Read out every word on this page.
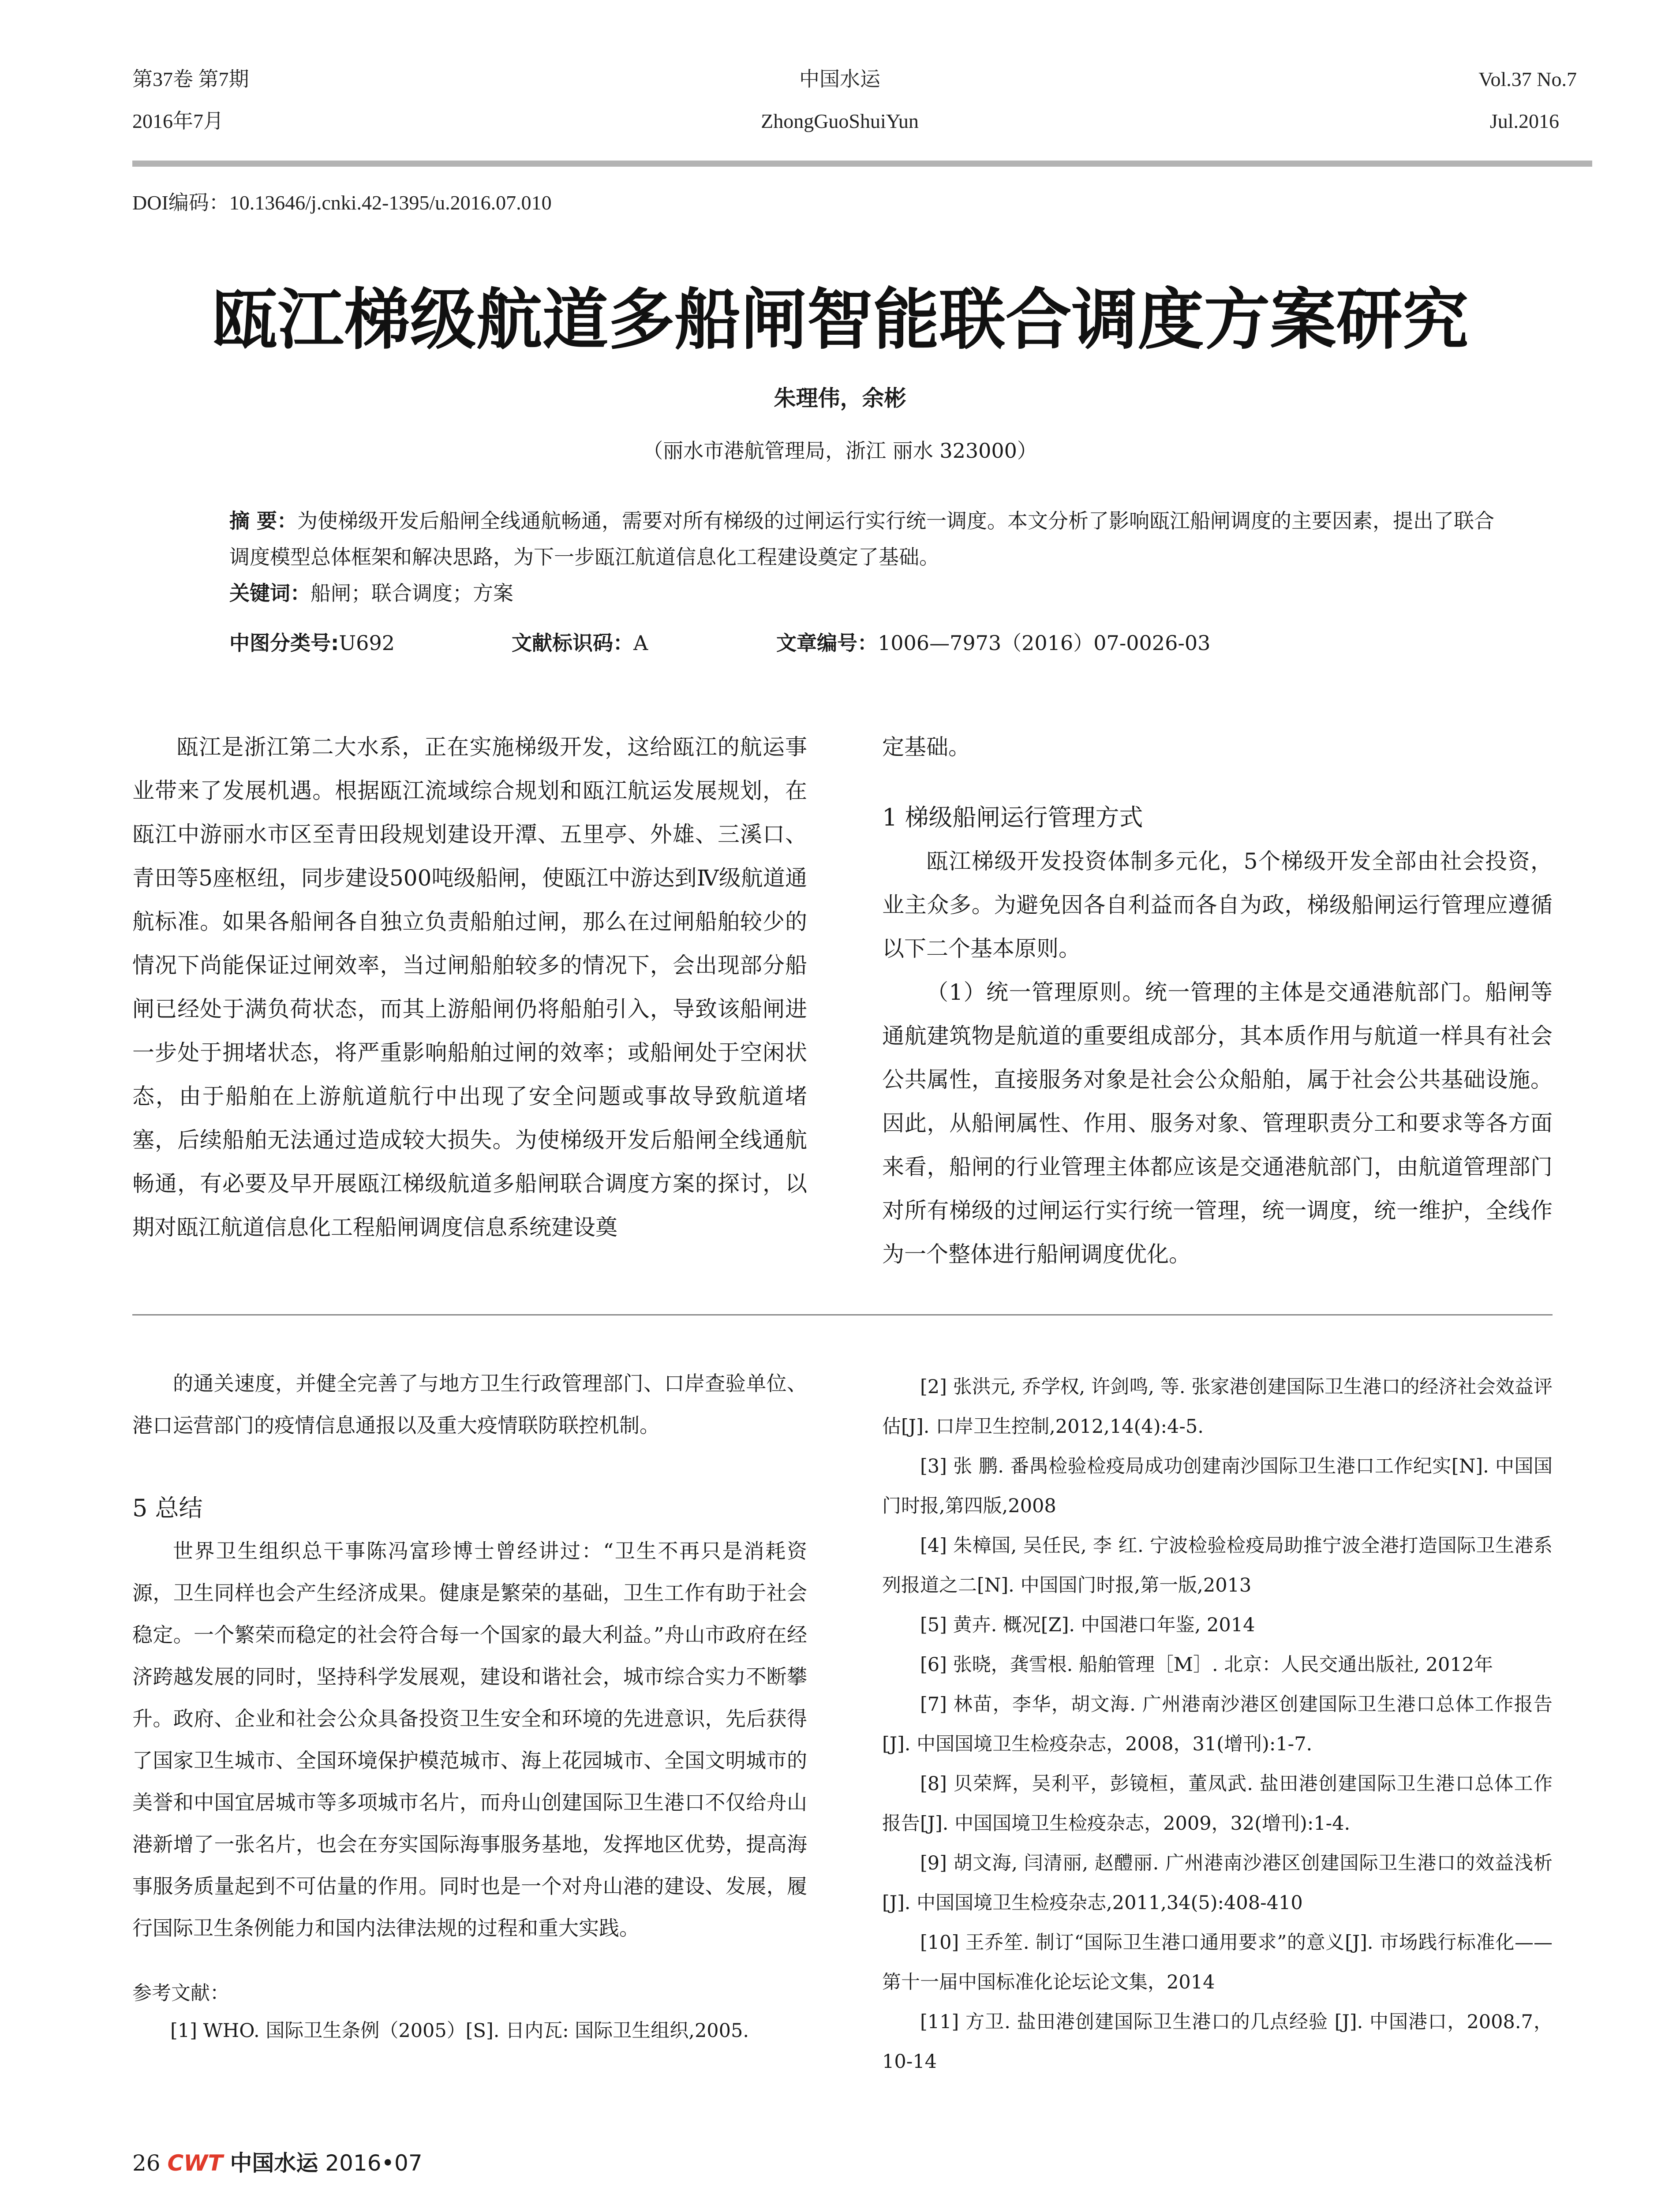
第37卷 第7期
2016年7月
中国水运
ZhongGuoShuiYun
Vol.37 No.7
Jul.2016
DOI编码：10.13646/j.cnki.42-1395/u.2016.07.010
瓯江梯级航道多船闸智能联合调度方案研究
朱理伟，余彬
（丽水市港航管理局，浙江 丽水 323000）
摘 要：为使梯级开发后船闸全线通航畅通，需要对所有梯级的过闸运行实行统一调度。本文分析了影响瓯江船闸调度的主要因素，提出了联合调度模型总体框架和解决思路，为下一步瓯江航道信息化工程建设奠定了基础。
关键词：船闸；联合调度；方案
中图分类号:U692	文献标识码：A	文章编号：1006—7973（2016）07-0026-03

瓯江是浙江第二大水系，正在实施梯级开发，这给瓯江的航运事业带来了发展机遇。根据瓯江流域综合规划和瓯江航运发展规划，在瓯江中游丽水市区至青田段规划建设开潭、五里亭、外雄、三溪口、青田等5座枢纽，同步建设500吨级船闸，使瓯江中游达到Ⅳ级航道通航标准。如果各船闸各自独立负责船舶过闸，那么在过闸船舶较少的情况下尚能保证过闸效率，当过闸船舶较多的情况下，会出现部分船闸已经处于满负荷状态，而其上游船闸仍将船舶引入，导致该船闸进一步处于拥堵状态，将严重影响船舶过闸的效率；或船闸处于空闲状态，由于船舶在上游航道航行中出现了安全问题或事故导致航道堵塞，后续船舶无法通过造成较大损失。为使梯级开发后船闸全线通航畅通，有必要及早开展瓯江梯级航道多船闸联合调度方案的探讨，以期对瓯江航道信息化工程船闸调度信息系统建设奠

定基础。

1 梯级船闸运行管理方式

瓯江梯级开发投资体制多元化，5个梯级开发全部由社会投资，业主众多。为避免因各自利益而各自为政，梯级船闸运行管理应遵循以下二个基本原则。

（1）统一管理原则。统一管理的主体是交通港航部门。船闸等通航建筑物是航道的重要组成部分，其本质作用与航道一样具有社会公共属性，直接服务对象是社会公众船舶，属于社会公共基础设施。因此，从船闸属性、作用、服务对象、管理职责分工和要求等各方面来看，船闸的行业管理主体都应该是交通港航部门，由航道管理部门对所有梯级的过闸运行实行统一管理，统一调度，统一维护，全线作为一个整体进行船闸调度优化。

的通关速度，并健全完善了与地方卫生行政管理部门、口岸查验单位、港口运营部门的疫情信息通报以及重大疫情联防联控机制。

5 总结

世界卫生组织总干事陈冯富珍博士曾经讲过：“卫生不再只是消耗资源，卫生同样也会产生经济成果。健康是繁荣的基础，卫生工作有助于社会稳定。一个繁荣而稳定的社会符合每一个国家的最大利益。”舟山市政府在经济跨越发展的同时，坚持科学发展观，建设和谐社会，城市综合实力不断攀升。政府、企业和社会公众具备投资卫生安全和环境的先进意识，先后获得了国家卫生城市、全国环境保护模范城市、海上花园城市、全国文明城市的美誉和中国宜居城市等多项城市名片，而舟山创建国际卫生港口不仅给舟山港新增了一张名片，也会在夯实国际海事服务基地，发挥地区优势，提高海事服务质量起到不可估量的作用。同时也是一个对舟山港的建设、发展，履行国际卫生条例能力和国内法律法规的过程和重大实践。

参考文献：

[1] WHO. 国际卫生条例（2005）[S]. 日内瓦: 国际卫生组织,2005.

[2] 张洪元, 乔学权, 许剑鸣, 等. 张家港创建国际卫生港口的经济社会效益评估[J]. 口岸卫生控制,2012,14(4):4-5.

[3] 张 鹏. 番禺检验检疫局成功创建南沙国际卫生港口工作纪实[N]. 中国国门时报,第四版,2008

[4] 朱樟国, 吴任民, 李 红. 宁波检验检疫局助推宁波全港打造国际卫生港系列报道之二[N]. 中国国门时报,第一版,2013

[5] 黄卉. 概况[Z]. 中国港口年鉴, 2014

[6] 张晓，龚雪根. 船舶管理［M］. 北京：人民交通出版社, 2012年

[7] 林苗，李华，胡文海. 广州港南沙港区创建国际卫生港口总体工作报告[J]. 中国国境卫生检疫杂志，2008，31(增刊):1-7.

[8] 贝荣辉，吴利平，彭镜桓，董凤武. 盐田港创建国际卫生港口总体工作报告[J]. 中国国境卫生检疫杂志，2009，32(增刊):1-4.

[9] 胡文海, 闫清丽, 赵醴丽. 广州港南沙港区创建国际卫生港口的效益浅析[J]. 中国国境卫生检疫杂志,2011,34(5):408-410

[10] 王乔笙. 制订“国际卫生港口通用要求”的意义[J]. 市场践行标准化——第十一届中国标准化论坛论文集，2014

[11] 方卫. 盐田港创建国际卫生港口的几点经验 [J]. 中国港口，2008.7，10-14

26 CWT 中国水运 2016•07
